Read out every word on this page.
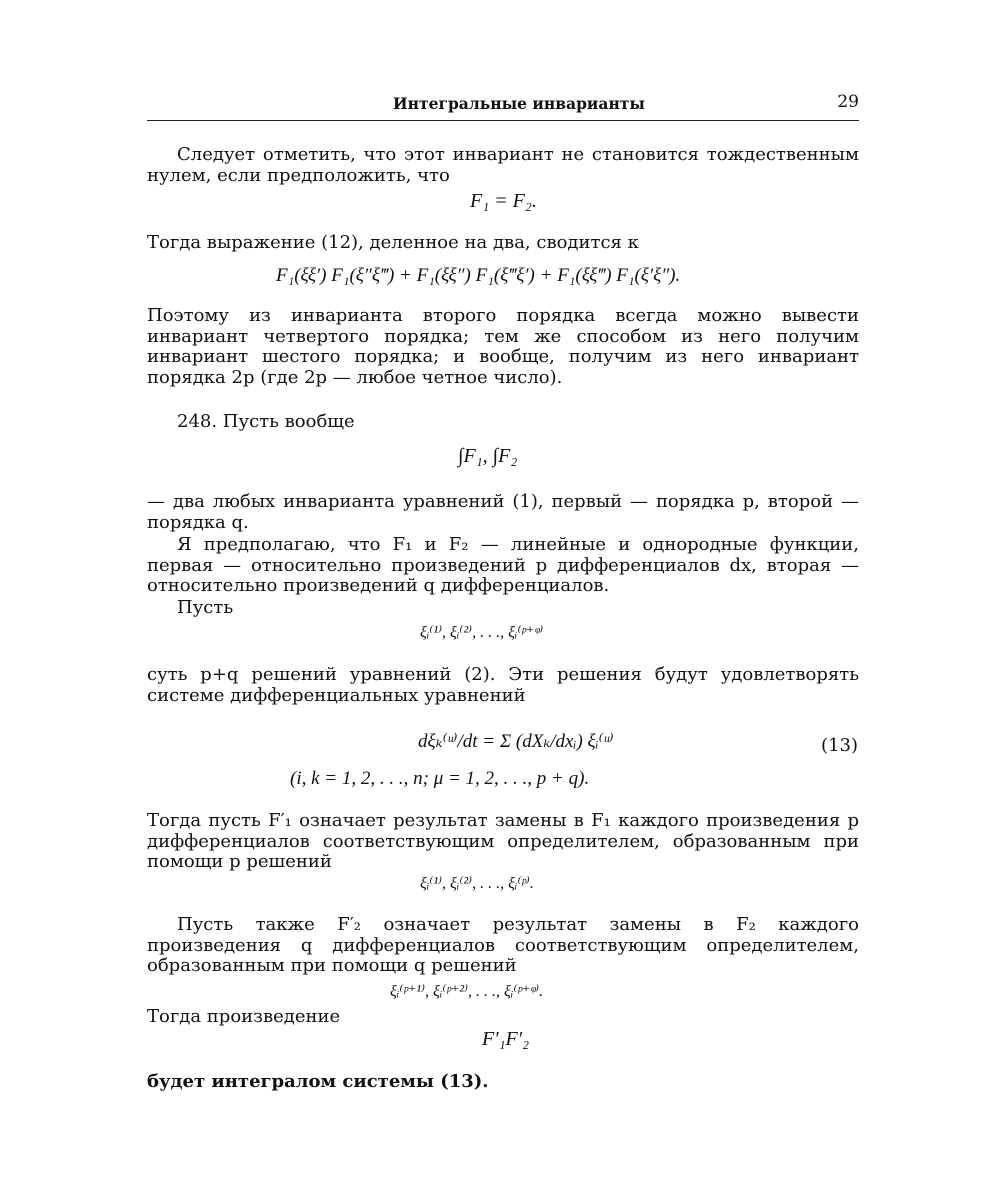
Интегральные инварианты	29
Следует отметить, что этот инвариант не становится тождественным нулем, если предположить, что
F₁ = F₂.
Тогда выражение (12), деленное на два, сводится к
F₁(ξξ′) F₁(ξ″ξ‴) + F₁(ξξ″) F₁(ξ‴ξ′) + F₁(ξξ‴) F₁(ξ′ξ″).
Поэтому из инварианта второго порядка всегда можно вывести инвариант четвертого порядка; тем же способом из него получим инвариант шестого порядка; и вообще, получим из него инвариант порядка 2p (где 2p — любое четное число).
248. Пусть вообще
∫F₁, ∫F₂
— два любых инварианта уравнений (1), первый — порядка p, второй — порядка q.
Я предполагаю, что F₁ и F₂ — линейные и однородные функции, первая — относительно произведений p дифференциалов dx, вторая — относительно произведений q дифференциалов.
Пусть
ξᵢ⁽¹⁾, ξᵢ⁽²⁾, . . ., ξᵢ⁽ᵖ⁺ᵠ⁾
суть p+q решений уравнений (2). Эти решения будут удовлетворять системе дифференциальных уравнений
dξₖ⁽ᵘ⁾/dt = Σ (dXₖ/dxᵢ) ξᵢ⁽ᵘ⁾	(13)
(i, k = 1, 2, . . ., n; μ = 1, 2, . . ., p + q).
Тогда пусть F′₁ означает результат замены в F₁ каждого произведения p дифференциалов соответствующим определителем, образованным при помощи p решений
ξᵢ⁽¹⁾, ξᵢ⁽²⁾, . . ., ξᵢ⁽ᵖ⁾.
Пусть также F′₂ означает результат замены в F₂ каждого произведения q дифференциалов соответствующим определителем, образованным при помощи q решений
ξᵢ⁽ᵖ⁺¹⁾, ξᵢ⁽ᵖ⁺²⁾, . . ., ξᵢ⁽ᵖ⁺ᵠ⁾.
Тогда произведение
F′₁F′₂
будет интегралом системы (13).
